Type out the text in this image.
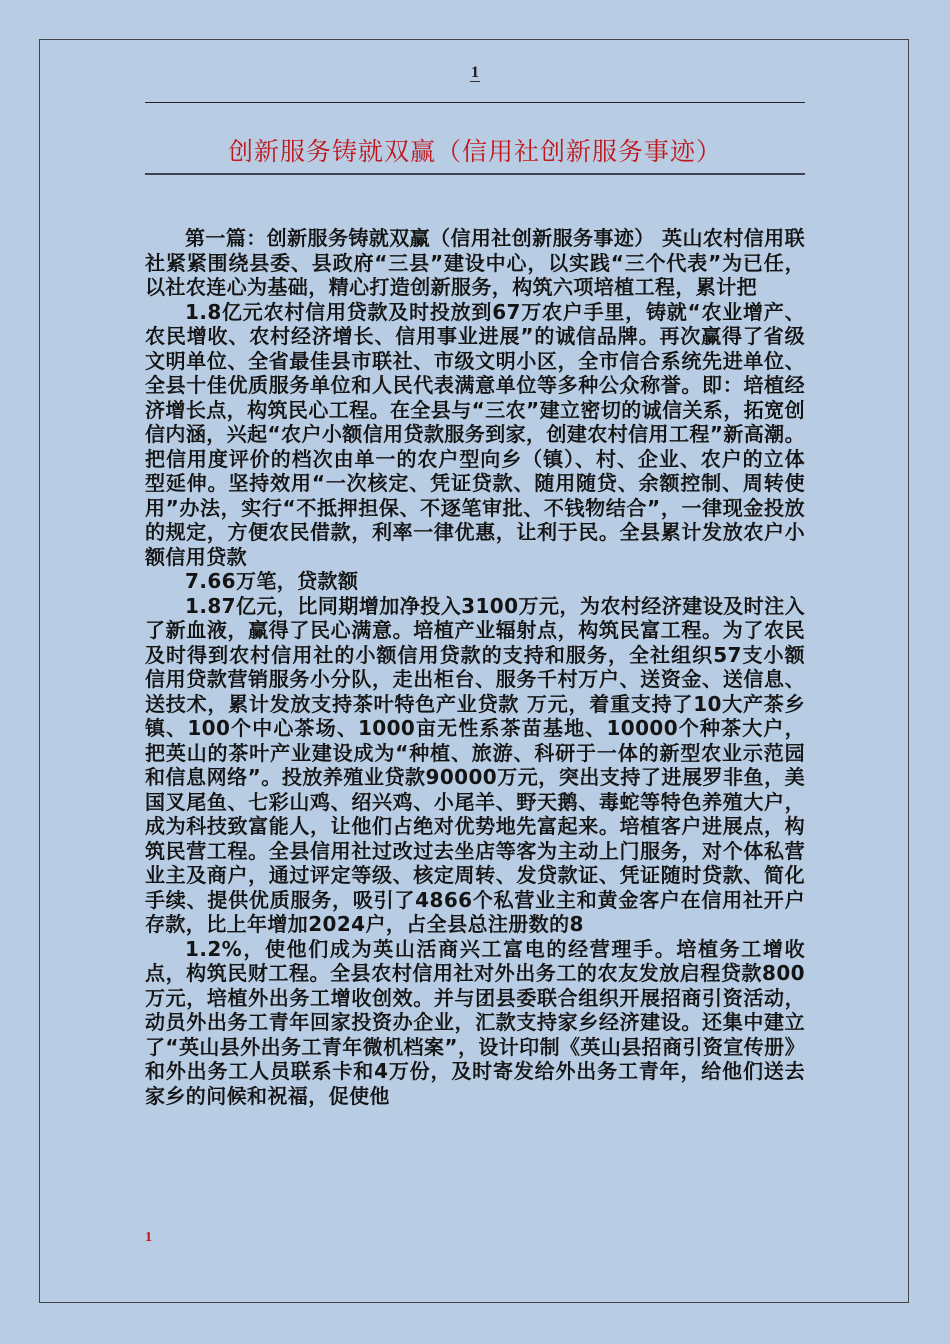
1
创新服务铸就双赢（信用社创新服务事迹）

第一篇：创新服务铸就双赢（信用社创新服务事迹） 英山农村信用联社紧紧围绕县委、县政府“三县”建设中心，以实践“三个代表”为已任，以社农连心为基础，精心打造创新服务，构筑六项培植工程，累计把

1.8亿元农村信用贷款及时投放到67万农户手里，铸就“农业增产、农民增收、农村经济增长、信用事业进展”的诚信品牌。再次赢得了省级文明单位、全省最佳县市联社、市级文明小区，全市信合系统先进单位、全县十佳优质服务单位和人民代表满意单位等多种公众称誉。即：培植经济增长点，构筑民心工程。在全县与“三农”建立密切的诚信关系，拓宽创信内涵，兴起“农户小额信用贷款服务到家，创建农村信用工程”新高潮。把信用度评价的档次由单一的农户型向乡（镇）、村、企业、农户的立体型延伸。坚持效用“一次核定、凭证贷款、随用随贷、余额控制、周转使用”办法，实行“不抵押担保、不逐笔审批、不钱物结合”，一律现金投放的规定，方便农民借款，利率一律优惠，让利于民。全县累计发放农户小额信用贷款

7.66万笔，贷款额

1.87亿元，比同期增加净投入3100万元，为农村经济建设及时注入了新血液，赢得了民心满意。培植产业辐射点，构筑民富工程。为了农民及时得到农村信用社的小额信用贷款的支持和服务，全社组织57支小额信用贷款营销服务小分队，走出柜台、服务千村万户、送资金、送信息、送技术，累计发放支持茶叶特色产业贷款 万元，着重支持了10大产茶乡镇、100个中心茶场、1000亩无性系茶苗基地、10000个种茶大户，把英山的茶叶产业建设成为“种植、旅游、科研于一体的新型农业示范园和信息网络”。投放养殖业贷款90000万元，突出支持了进展罗非鱼，美国叉尾鱼、七彩山鸡、绍兴鸡、小尾羊、野天鹅、毒蛇等特色养殖大户，成为科技致富能人，让他们占绝对优势地先富起来。培植客户进展点，构筑民营工程。全县信用社过改过去坐店等客为主动上门服务，对个体私营业主及商户，通过评定等级、核定周转、发贷款证、凭证随时贷款、简化手续、提供优质服务，吸引了4866个私营业主和黄金客户在信用社开户存款，比上年增加2024户，占全县总注册数的8

1.2%，使他们成为英山活商兴工富电的经营理手。培植务工增收点，构筑民财工程。全县农村信用社对外出务工的农友发放启程贷款800万元，培植外出务工增收创效。并与团县委联合组织开展招商引资活动，动员外出务工青年回家投资办企业，汇款支持家乡经济建设。还集中建立了“英山县外出务工青年微机档案”，设计印制《英山县招商引资宣传册》和外出务工人员联系卡和4万份，及时寄发给外出务工青年，给他们送去家乡的问候和祝福，促使他

1
